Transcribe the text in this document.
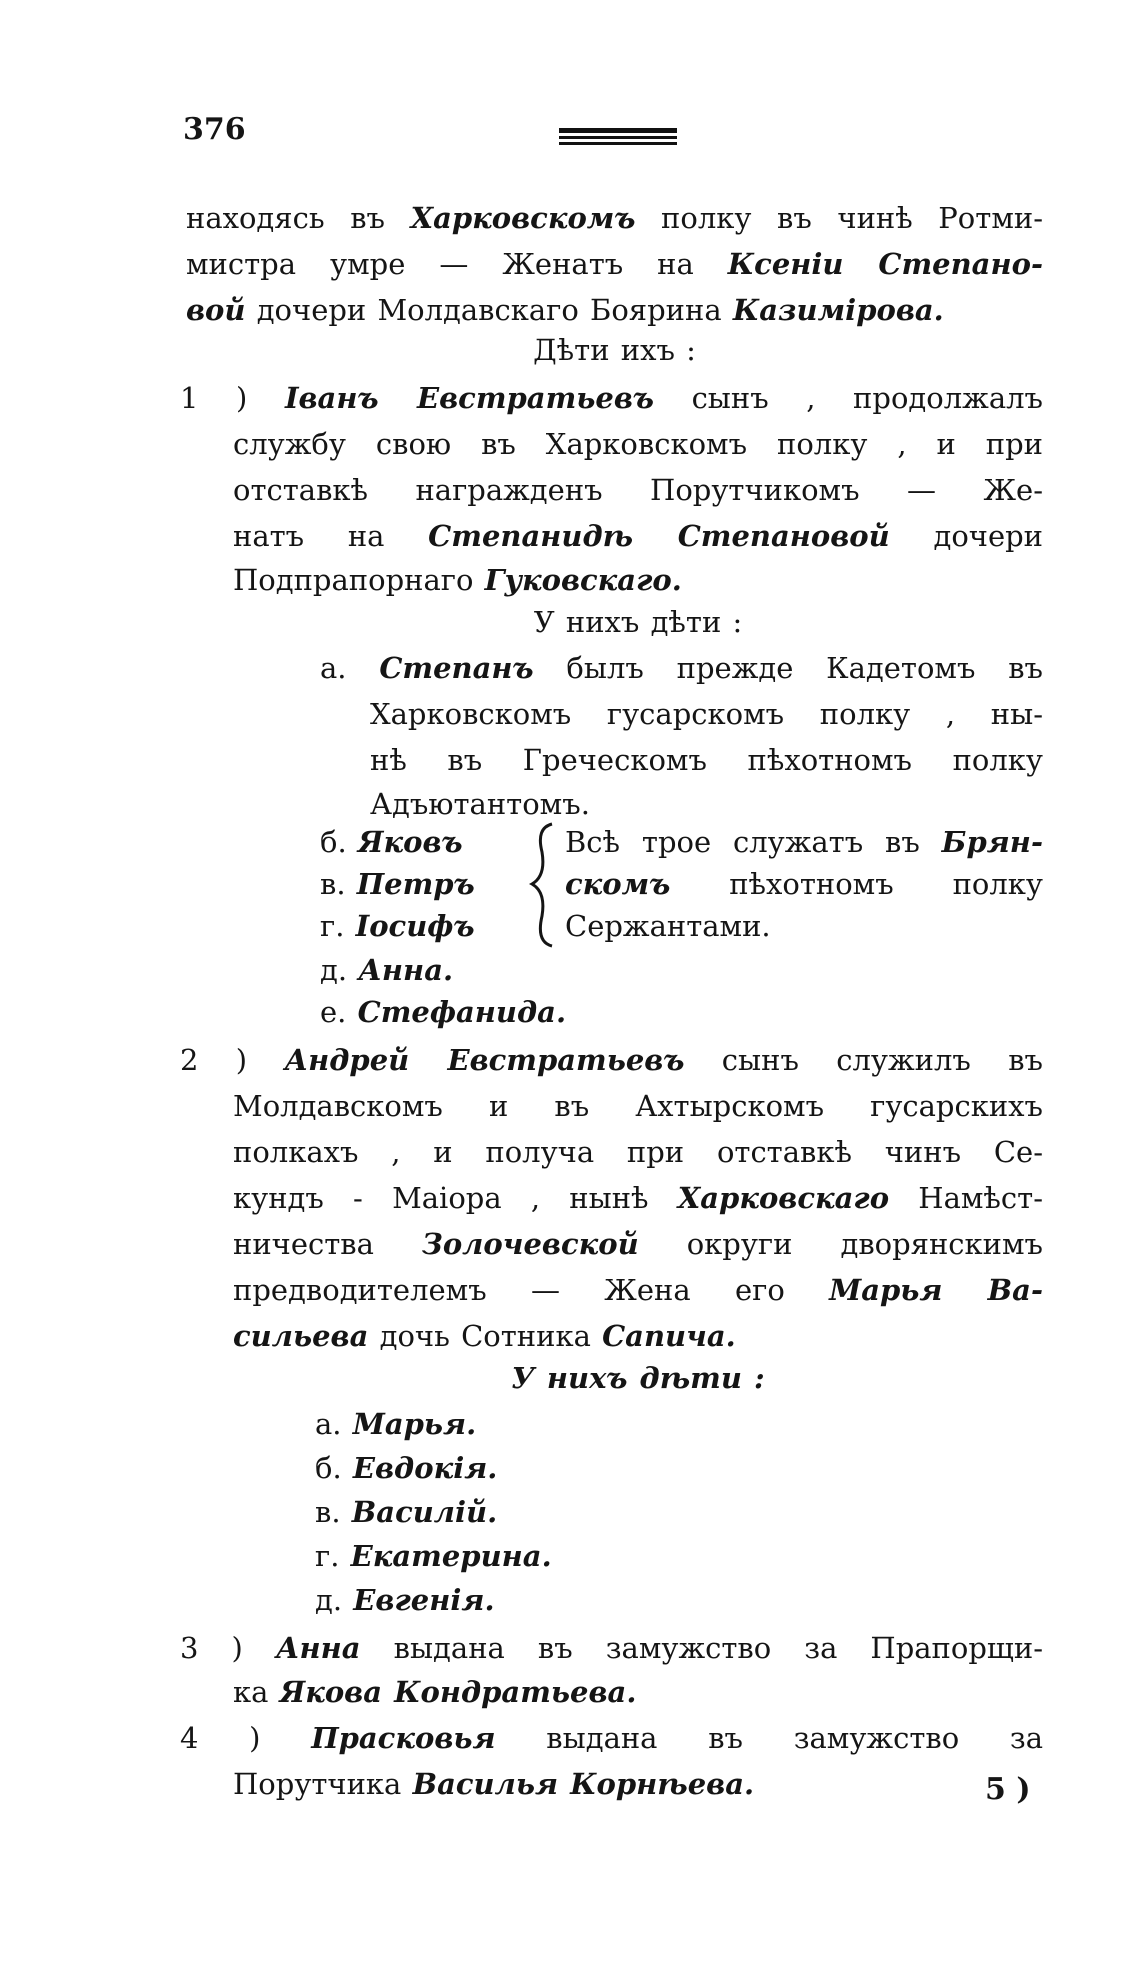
376
находясь въ Харковскомъ полку въ чинѣ Ротми-
мистра умре — Женатъ на Ксеніи Степано-
вой дочери Молдавскаго Боярина Казимірова.
Дѣти ихъ :
1 ) Іванъ Евстратьевъ сынъ , продолжалъ
службу свою въ Харковскомъ полку , и при
отставкѣ награжденъ Порутчикомъ — Же-
натъ на Степанидѣ Степановой дочери
Подпрапорнаго Гуковскаго.
У нихъ дѣти :
а. Степанъ былъ прежде Кадетомъ въ
Харковскомъ гусарскомъ полку , ны-
нѣ въ Греческомъ пѣхотномъ полку
Адъютантомъ.
б. Яковъ
в. Петръ
г. Іосифъ
Всѣ трое служатъ въ Брян-
скомъ пѣхотномъ полку
Сержантами.
д. Анна.
е. Стефанида.
2 ) Андрей Евстратьевъ сынъ служилъ въ
Молдавскомъ и въ Ахтырскомъ гусарскихъ
полкахъ , и получа при отставкѣ чинъ Се-
кундъ - Маіора , нынѣ Харковскаго Намѣст-
ничества Золочевской округи дворянскимъ
предводителемъ — Жена его Марья Ва-
сильева дочь Сотника Сапича.
У нихъ дѣти :
а. Марья.
б. Евдокія.
в. Василій.
г. Екатерина.
д. Евгенія.
3 ) Анна выдана въ замужство за Прапорщи-
ка Якова Кондратьева.
4 ) Прасковья выдана въ замужство за
Порутчика Василья Корнѣева.	5 )
